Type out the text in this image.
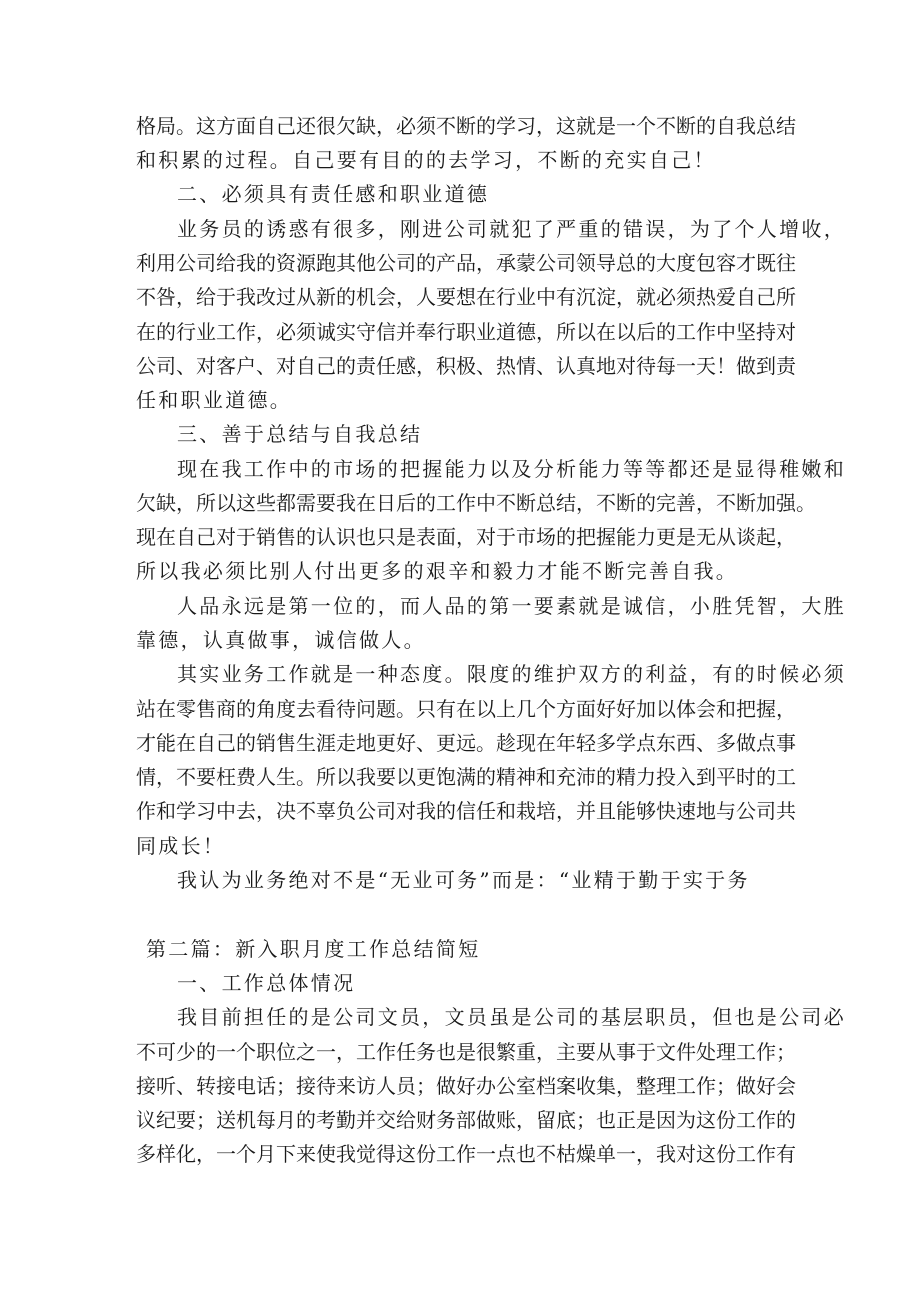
格局。这方面自己还很欠缺，必须不断的学习，这就是一个不断的自我总结
和积累的过程。自己要有目的的去学习，不断的充实自己！
二、必须具有责任感和职业道德
业务员的诱惑有很多，刚进公司就犯了严重的错误，为了个人增收，
利用公司给我的资源跑其他公司的产品，承蒙公司领导总的大度包容才既往
不咎，给于我改过从新的机会，人要想在行业中有沉淀，就必须热爱自己所
在的行业工作，必须诚实守信并奉行职业道德，所以在以后的工作中坚持对
公司、对客户、对自己的责任感，积极、热情、认真地对待每一天！做到责
任和职业道德。
三、善于总结与自我总结
现在我工作中的市场的把握能力以及分析能力等等都还是显得稚嫩和
欠缺，所以这些都需要我在日后的工作中不断总结，不断的完善，不断加强。
现在自己对于销售的认识也只是表面，对于市场的把握能力更是无从谈起，
所以我必须比别人付出更多的艰辛和毅力才能不断完善自我。
人品永远是第一位的，而人品的第一要素就是诚信，小胜凭智，大胜
靠德，认真做事，诚信做人。
其实业务工作就是一种态度。限度的维护双方的利益，有的时候必须
站在零售商的角度去看待问题。只有在以上几个方面好好加以体会和把握，
才能在自己的销售生涯走地更好、更远。趁现在年轻多学点东西、多做点事
情，不要枉费人生。所以我要以更饱满的精神和充沛的精力投入到平时的工
作和学习中去，决不辜负公司对我的信任和栽培，并且能够快速地与公司共
同成长！
我认为业务绝对不是“无业可务”而是：“业精于勤于实于务
第二篇：新入职月度工作总结简短
一、工作总体情况
我目前担任的是公司文员，文员虽是公司的基层职员，但也是公司必
不可少的一个职位之一，工作任务也是很繁重，主要从事于文件处理工作；
接听、转接电话；接待来访人员；做好办公室档案收集，整理工作；做好会
议纪要；送机每月的考勤并交给财务部做账，留底；也正是因为这份工作的
多样化，一个月下来使我觉得这份工作一点也不枯燥单一，我对这份工作有
